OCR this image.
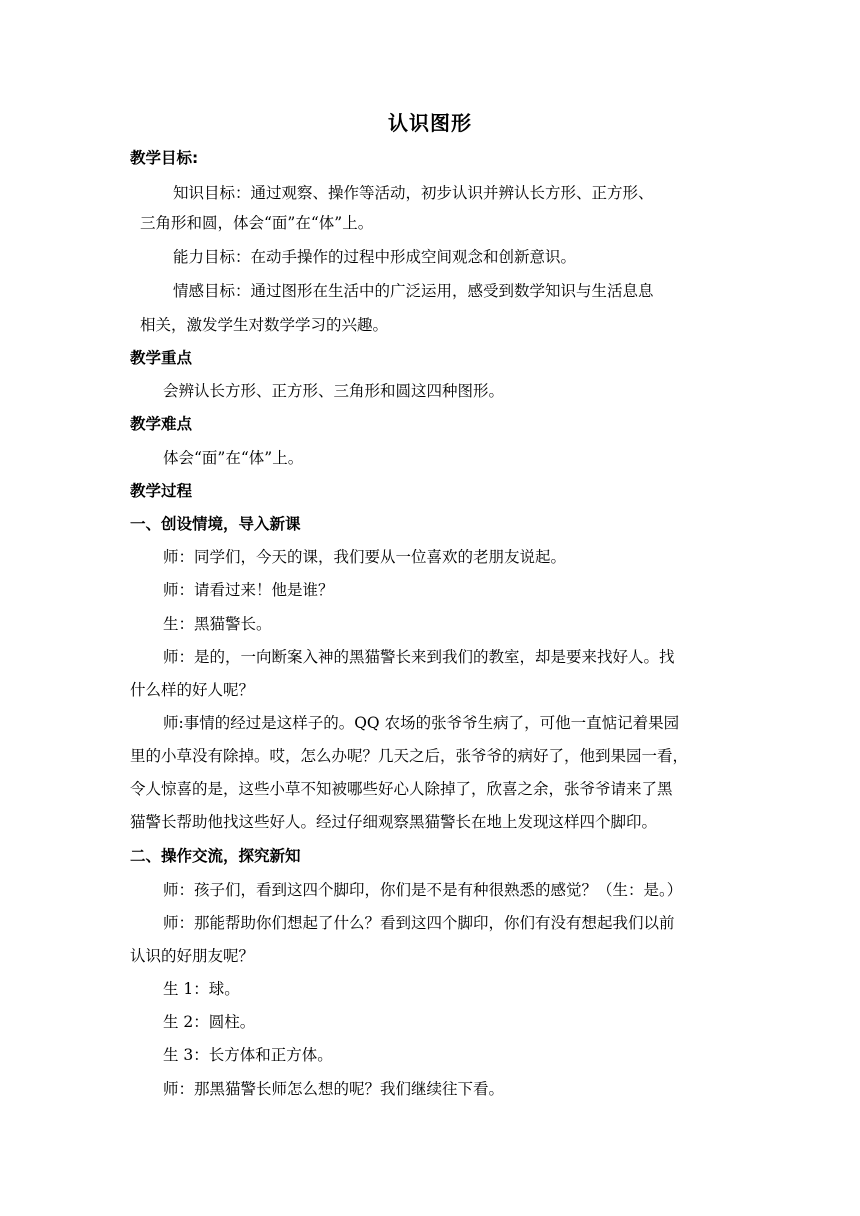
认识图形
教学目标:
知识目标：通过观察、操作等活动，初步认识并辨认长方形、正方形、
三角形和圆，体会“面”在“体”上。
能力目标：在动手操作的过程中形成空间观念和创新意识。
情感目标：通过图形在生活中的广泛运用，感受到数学知识与生活息息
相关，激发学生对数学学习的兴趣。
教学重点
会辨认长方形、正方形、三角形和圆这四种图形。
教学难点
体会“面”在“体”上。
教学过程
一、创设情境，导入新课
师：同学们，今天的课，我们要从一位喜欢的老朋友说起。
师：请看过来！他是谁？
生：黑猫警长。
师：是的，一向断案入神的黑猫警长来到我们的教室，却是要来找好人。找
什么样的好人呢？
师:事情的经过是这样子的。QQ 农场的张爷爷生病了，可他一直惦记着果园
里的小草没有除掉。哎，怎么办呢？几天之后，张爷爷的病好了，他到果园一看，
令人惊喜的是，这些小草不知被哪些好心人除掉了，欣喜之余，张爷爷请来了黑
猫警长帮助他找这些好人。经过仔细观察黑猫警长在地上发现这样四个脚印。
二、操作交流，探究新知
师：孩子们，看到这四个脚印，你们是不是有种很熟悉的感觉？（生：是。）
师：那能帮助你们想起了什么？看到这四个脚印，你们有没有想起我们以前
认识的好朋友呢？
生 1：球。
生 2：圆柱。
生 3：长方体和正方体。
师：那黑猫警长师怎么想的呢？我们继续往下看。
